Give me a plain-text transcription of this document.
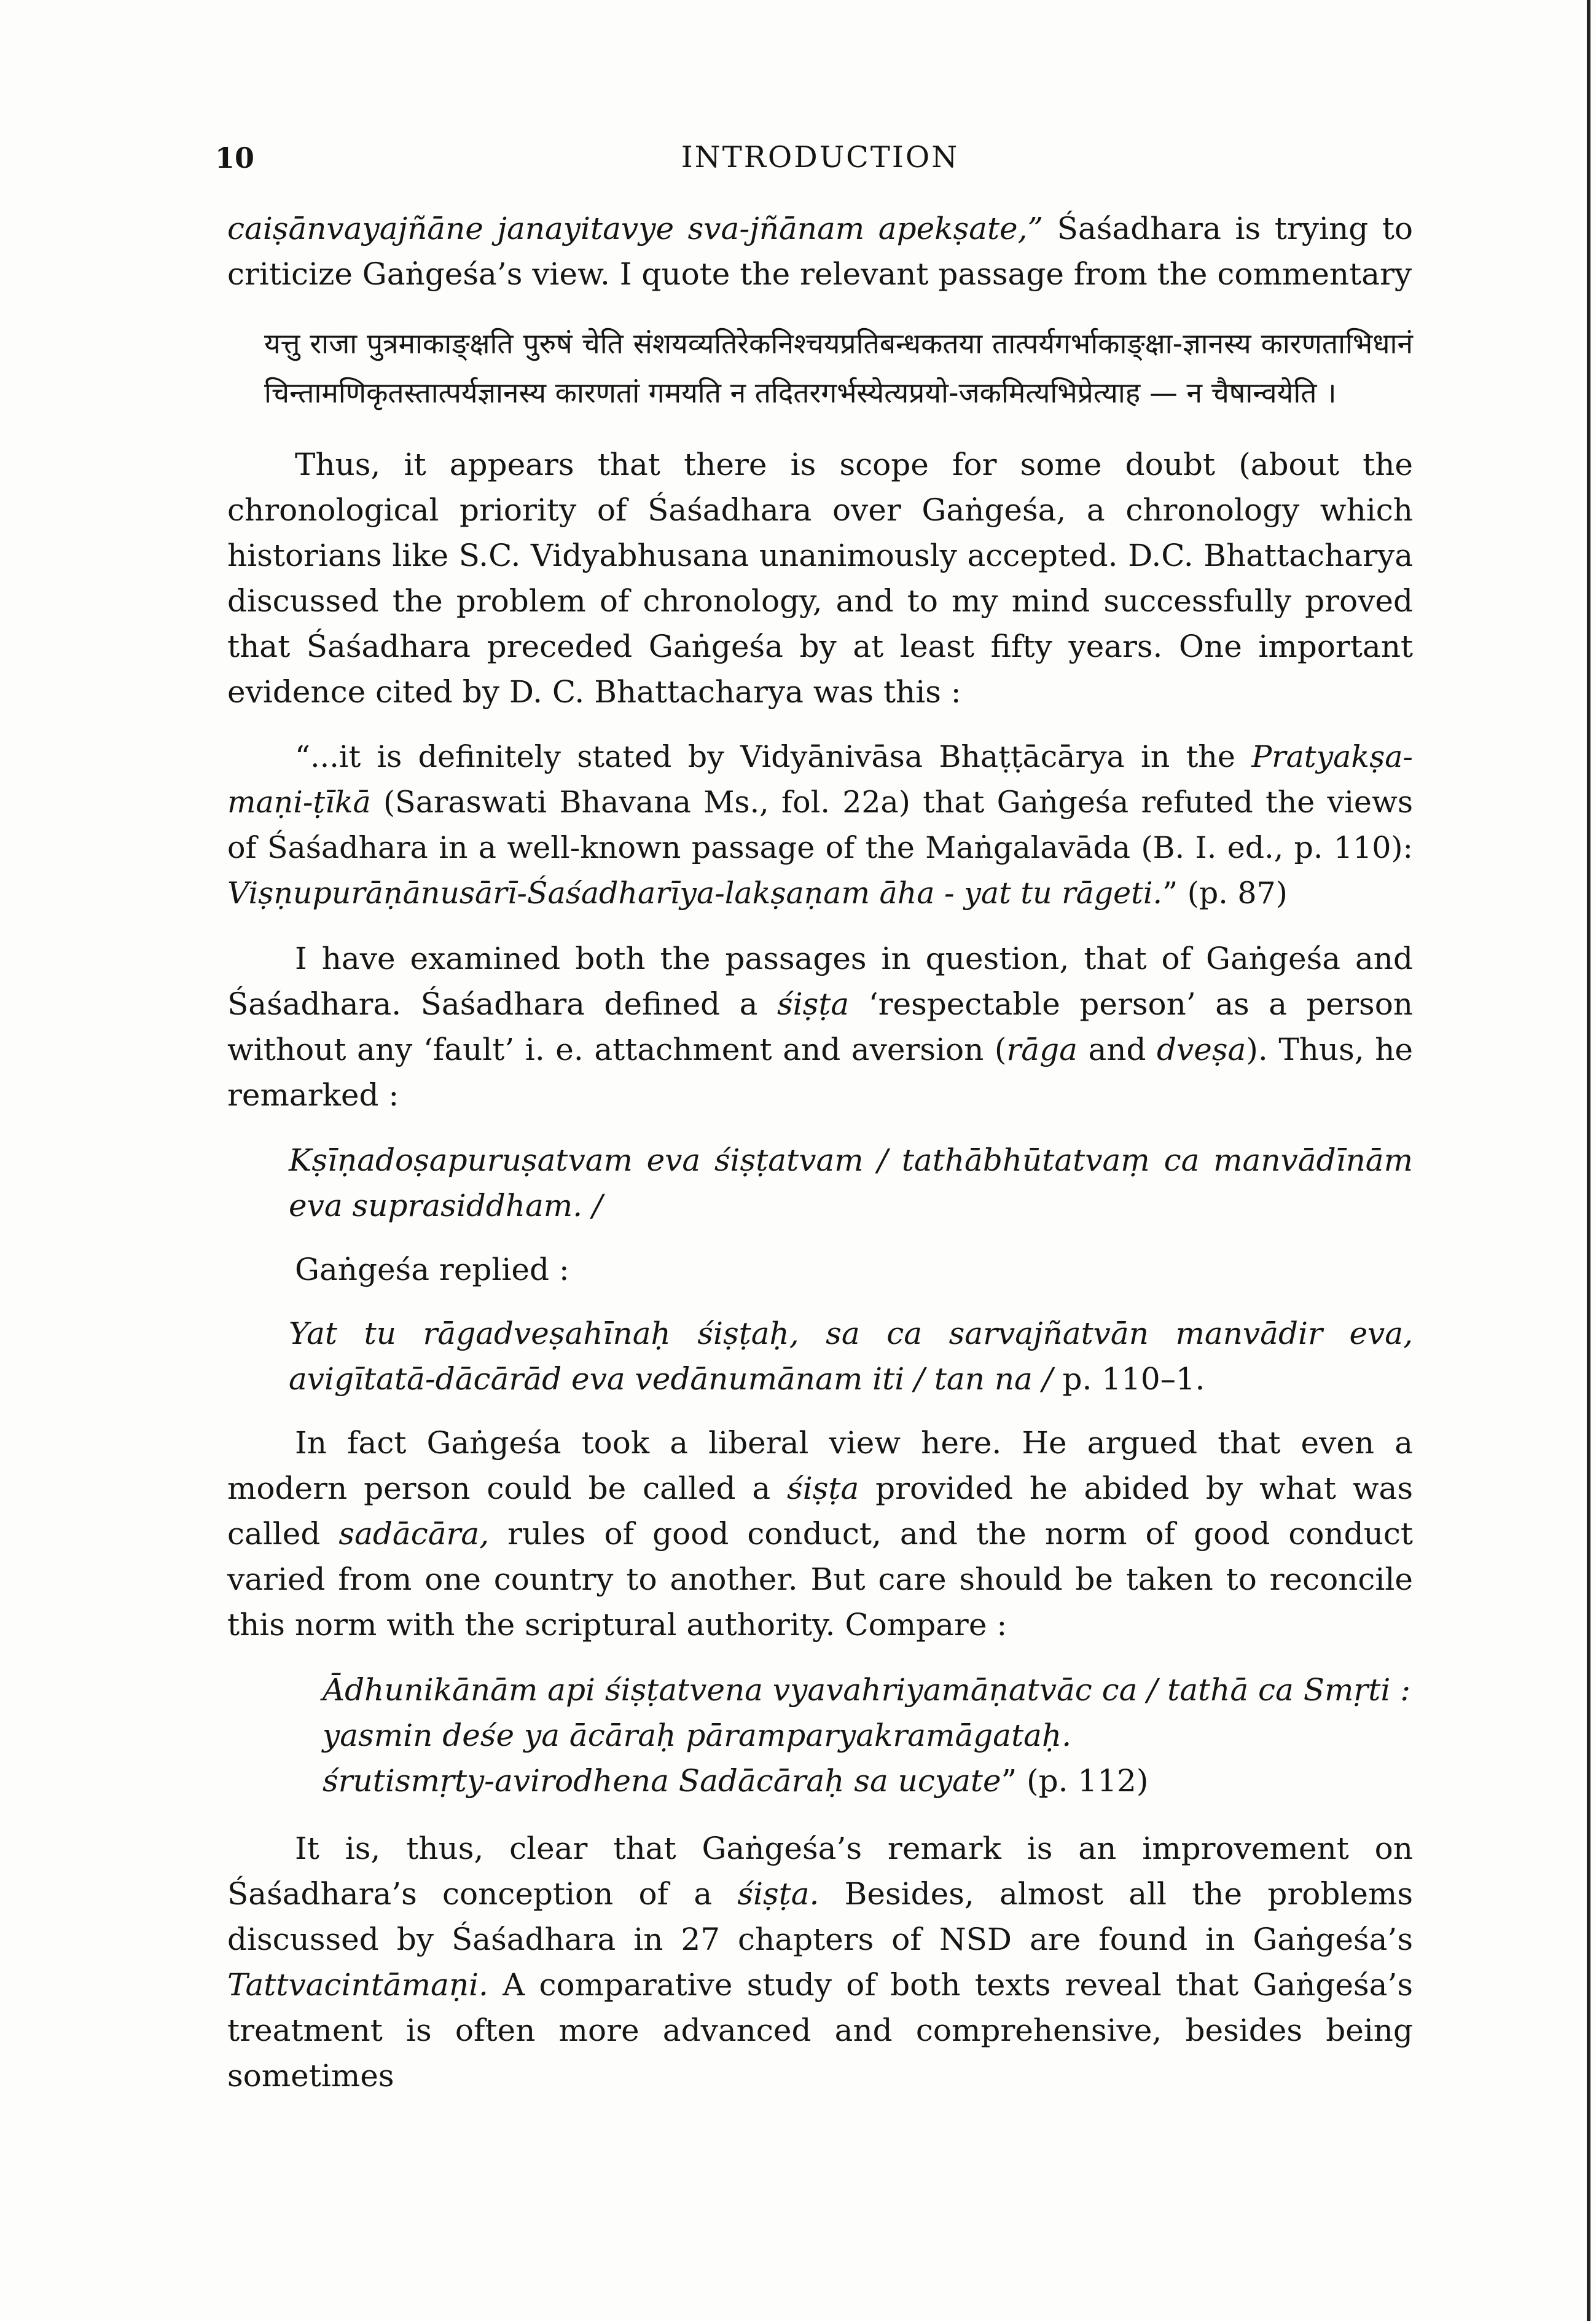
10	INTRODUCTION

caiṣānvayajñāne janayitavye sva-jñānam apekṣate,” Śaśadhara is trying to criticize Gaṅgeśa’s view. I quote the relevant passage from the commentary

यत्तु राजा पुत्रमाकाङ्क्षति पुरुषं चेति संशयव्यतिरेकनिश्चयप्रतिबन्धकतया तात्पर्यगर्भाकाङ्क्षा-ज्ञानस्य कारणताभिधानं चिन्तामणिकृतस्तात्पर्यज्ञानस्य कारणतां गमयति न तदितरगर्भस्येत्यप्रयो-जकमित्यभिप्रेत्याह — न चैषान्वयेति ।

Thus, it appears that there is scope for some doubt (about the chronological priority of Śaśadhara over Gaṅgeśa, a chronology which historians like S.C. Vidyabhusana unanimously accepted. D.C. Bhattacharya discussed the problem of chronology, and to my mind successfully proved that Śaśadhara preceded Gaṅgeśa by at least fifty years. One important evidence cited by D. C. Bhattacharya was this :

“...it is definitely stated by Vidyānivāsa Bhaṭṭācārya in the Pratyakṣa-maṇi-ṭīkā (Saraswati Bhavana Ms., fol. 22a) that Gaṅgeśa refuted the views of Śaśadhara in a well-known passage of the Maṅgalavāda (B. I. ed., p. 110): Viṣṇupurāṇānusārī-Śaśadharīya-lakṣaṇam āha - yat tu rāgeti.” (p. 87)

I have examined both the passages in question, that of Gaṅgeśa and Śaśadhara. Śaśadhara defined a śiṣṭa ‘respectable person’ as a person without any ‘fault’ i. e. attachment and aversion (rāga and dveṣa). Thus, he remarked :

Kṣīṇadoṣapuruṣatvam eva śiṣṭatvam / tathābhūtatvaṃ ca manvādīnām eva suprasiddham. /

Gaṅgeśa replied :

Yat tu rāgadveṣahīnaḥ śiṣṭaḥ, sa ca sarvajñatvān manvādir eva, avigītatā-dācārād eva vedānumānam iti / tan na / p. 110–1.

In fact Gaṅgeśa took a liberal view here. He argued that even a modern person could be called a śiṣṭa provided he abided by what was called sadācāra, rules of good conduct, and the norm of good conduct varied from one country to another. But care should be taken to reconcile this norm with the scriptural authority. Compare :

Ādhunikānām api śiṣṭatvena vyavahriyamāṇatvāc ca / tathā ca Smṛti :
yasmin deśe ya ācāraḥ pāramparyakramāgataḥ.
śrutismṛty-avirodhena Sadācāraḥ sa ucyate” (p. 112)

It is, thus, clear that Gaṅgeśa’s remark is an improvement on Śaśadhara’s conception of a śiṣṭa. Besides, almost all the problems discussed by Śaśadhara in 27 chapters of NSD are found in Gaṅgeśa’s Tattvacintāmaṇi. A comparative study of both texts reveal that Gaṅgeśa’s treatment is often more advanced and comprehensive, besides being sometimes
